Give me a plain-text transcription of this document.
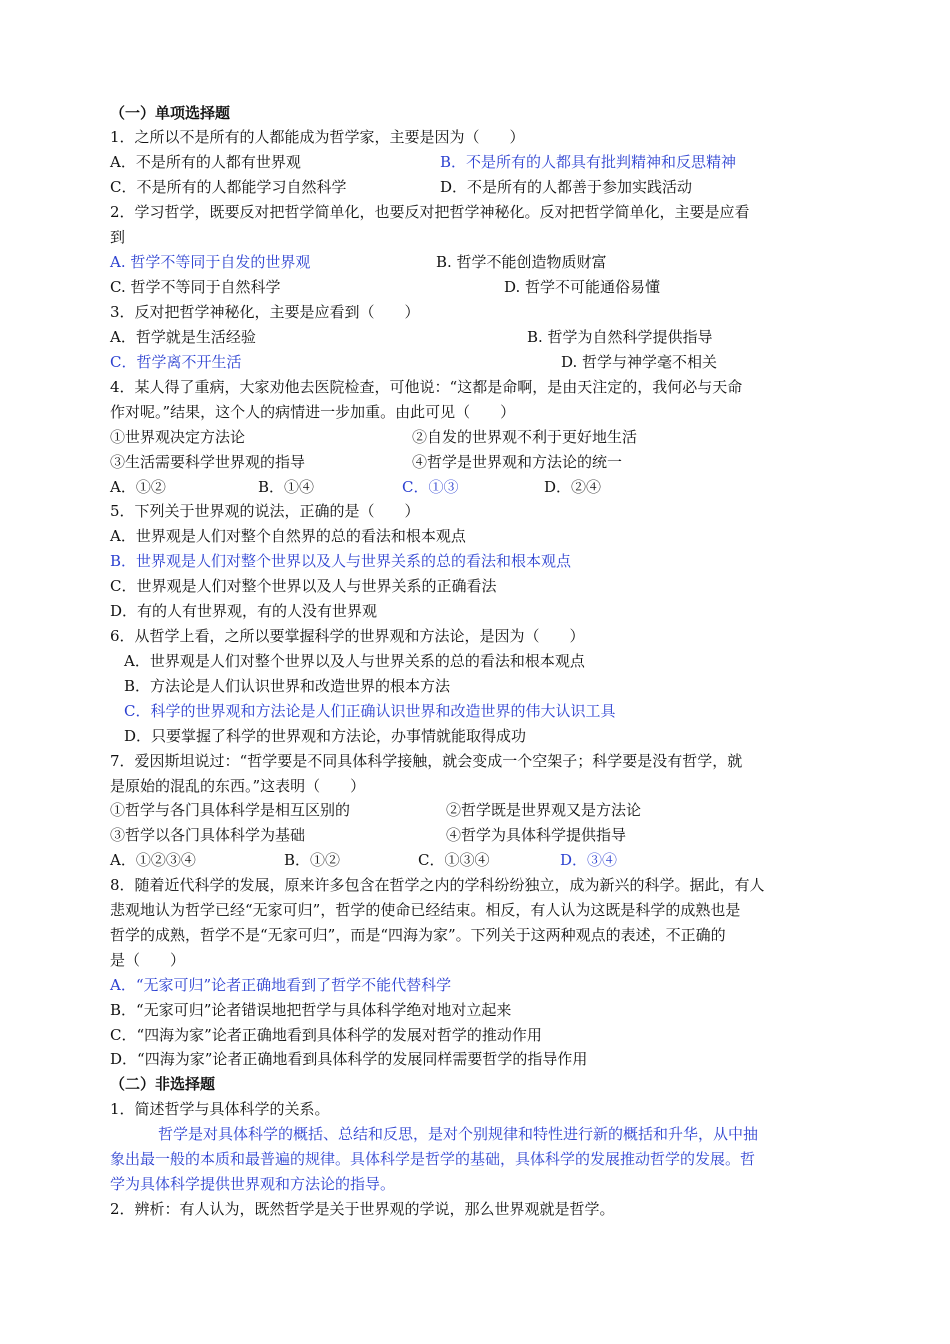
（一）单项选择题
1．之所以不是所有的人都能成为哲学家，主要是因为（　　）
A．不是所有的人都有世界观	B．不是所有的人都具有批判精神和反思精神
C．不是所有的人都能学习自然科学	D．不是所有的人都善于参加实践活动
2．学习哲学，既要反对把哲学简单化，也要反对把哲学神秘化。反对把哲学简单化，主要是应看
到
A. 哲学不等同于自发的世界观	B. 哲学不能创造物质财富
C. 哲学不等同于自然科学	D. 哲学不可能通俗易懂
3．反对把哲学神秘化，主要是应看到（　　）
A．哲学就是生活经验	B. 哲学为自然科学提供指导
C．哲学离不开生活	D. 哲学与神学毫不相关
4．某人得了重病，大家劝他去医院检查，可他说：“这都是命啊，是由天注定的，我何必与天命
作对呢。”结果，这个人的病情进一步加重。由此可见（　　）
①世界观决定方法论	②自发的世界观不利于更好地生活
③生活需要科学世界观的指导	④哲学是世界观和方法论的统一
A．①②	B．①④	C．①③	D．②④
5．下列关于世界观的说法，正确的是（　　）
A．世界观是人们对整个自然界的总的看法和根本观点
B．世界观是人们对整个世界以及人与世界关系的总的看法和根本观点
C．世界观是人们对整个世界以及人与世界关系的正确看法
D．有的人有世界观，有的人没有世界观
6．从哲学上看，之所以要掌握科学的世界观和方法论，是因为（　　）
A．世界观是人们对整个世界以及人与世界关系的总的看法和根本观点
B．方法论是人们认识世界和改造世界的根本方法
C．科学的世界观和方法论是人们正确认识世界和改造世界的伟大认识工具
D．只要掌握了科学的世界观和方法论，办事情就能取得成功
7．爱因斯坦说过：“哲学要是不同具体科学接触，就会变成一个空架子；科学要是没有哲学，就
是原始的混乱的东西。”这表明（　　）
①哲学与各门具体科学是相互区别的	②哲学既是世界观又是方法论
③哲学以各门具体科学为基础	④哲学为具体科学提供指导
A．①②③④	B．①②	C．①③④	D．③④
8．随着近代科学的发展，原来许多包含在哲学之内的学科纷纷独立，成为新兴的科学。据此，有人
悲观地认为哲学已经“无家可归”，哲学的使命已经结束。相反，有人认为这既是科学的成熟也是
哲学的成熟，哲学不是“无家可归”，而是“四海为家”。下列关于这两种观点的表述，不正确的
是（　　）
A．“无家可归”论者正确地看到了哲学不能代替科学
B．“无家可归”论者错误地把哲学与具体科学绝对地对立起来
C．“四海为家”论者正确地看到具体科学的发展对哲学的推动作用
D．“四海为家”论者正确地看到具体科学的发展同样需要哲学的指导作用
（二）非选择题
1．简述哲学与具体科学的关系。
哲学是对具体科学的概括、总结和反思，是对个别规律和特性进行新的概括和升华，从中抽
象出最一般的本质和最普遍的规律。具体科学是哲学的基础，具体科学的发展推动哲学的发展。哲
学为具体科学提供世界观和方法论的指导。
2．辨析：有人认为，既然哲学是关于世界观的学说，那么世界观就是哲学。
